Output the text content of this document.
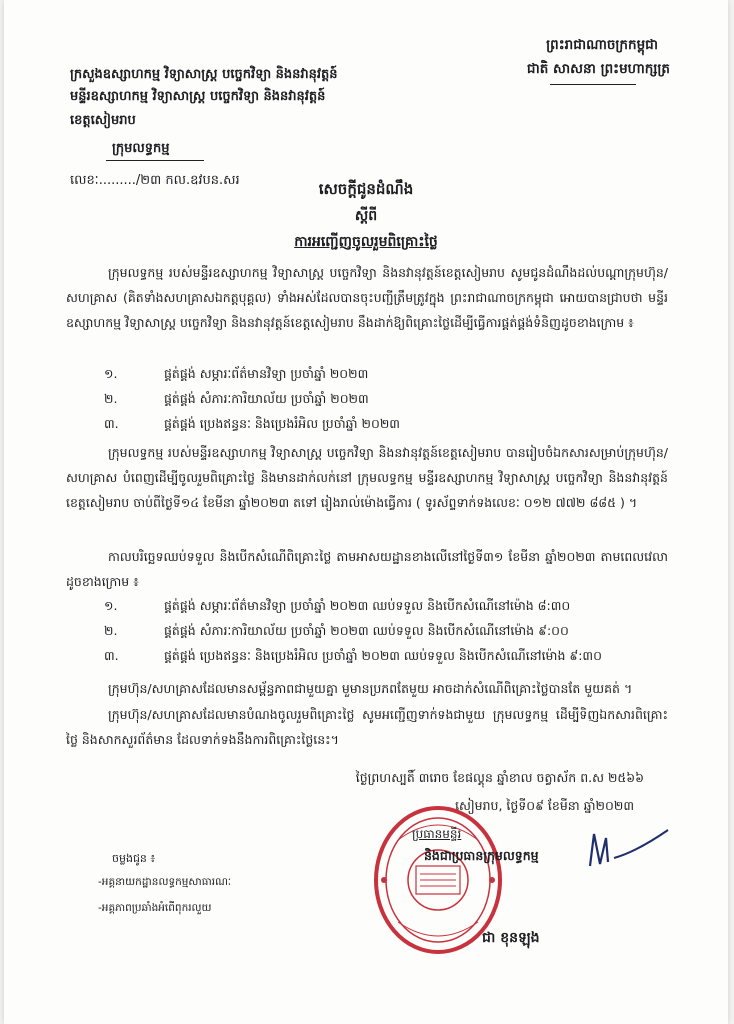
ព្រះរាជាណាចក្រកម្ពុជា
ជាតិ សាសនា ព្រះមហាក្សត្រ
ក្រសួងឧស្សាហកម្ម វិទ្យាសាស្ត្រ បច្ចេកវិទ្យា និងនវានុវត្តន៍
មន្ទីរឧស្សាហកម្ម វិទ្យាសាស្ត្រ បច្ចេកវិទ្យា និងនវានុវត្តន៍
ខេត្តសៀមរាប
ក្រុមលទ្ធកម្ម
លេខៈ........./២៣ កល.ឧវបន.សរ	សេចក្តីជូនដំណឹង
ស្តីពី
ការអញ្ជើញចូលរួមពិគ្រោះថ្លៃ
ក្រុមលទ្ធកម្ម របស់មន្ទីរឧស្សាហកម្ម វិទ្យាសាស្ត្រ បច្ចេកវិទ្យា និងនវានុវត្តន៍ខេត្តសៀមរាប សូមជូនដំណឹងដល់បណ្តាក្រុមហ៊ុន/សហគ្រាស (គិតទាំងសហគ្រាសឯកត្តបុគ្គល) ទាំងអស់ដែលបានចុះបញ្ជីត្រឹមត្រូវក្នុង ព្រះរាជាណាចក្រកម្ពុជា អោយបានជ្រាបថា មន្ទីរឧស្សាហកម្ម វិទ្យាសាស្ត្រ បច្ចេកវិទ្យា និងនវានុវត្តន៍ខេត្តសៀមរាប នឹងដាក់ឱ្យពិគ្រោះថ្លៃដើម្បីធ្វើការផ្គត់ផ្គង់ទំនិញដូចខាងក្រោម ៖
១.	ផ្គត់ផ្គង់ សម្ភារៈព័ត៌មានវិទ្យា ប្រចាំឆ្នាំ ២០២៣
២.	ផ្គត់ផ្គង់ សំភារៈការិយាល័យ ប្រចាំឆ្នាំ ២០២៣
៣.	ផ្គត់ផ្គង់ ប្រេងឥន្ធនៈ និងប្រេងរំអិល ប្រចាំឆ្នាំ ២០២៣
ក្រុមលទ្ធកម្ម របស់មន្ទីរឧស្សាហកម្ម វិទ្យាសាស្ត្រ បច្ចេកវិទ្យា និងនវានុវត្តន៍ខេត្តសៀមរាប បានរៀបចំឯកសារសម្រាប់ក្រុមហ៊ុន/សហគ្រាស បំពេញដើម្បីចូលរួមពិគ្រោះថ្លៃ និងមានដាក់លក់នៅ ក្រុមលទ្ធកម្ម មន្ទីរឧស្សាហកម្ម វិទ្យាសាស្ត្រ បច្ចេកវិទ្យា និងនវានុវត្តន៍ ខេត្តសៀមរាប ចាប់ពីថ្ងៃទី១៤ ខែមីនា ឆ្នាំ២០២៣ តទៅ រៀងរាល់ម៉ោងធ្វើការ ( ទូរស័ព្ទទាក់ទងលេខៈ ០១២ ៧៧២ ៨៨៥ ) ។
កាលបរិច្ឆេទឈប់ទទួល និងបើកសំណើពិគ្រោះថ្លៃ តាមអាសយដ្ឋានខាងលើនៅថ្ងៃទី៣១ ខែមីនា ឆ្នាំ២០២៣ តាមពេលវេលាដូចខាងក្រោម ៖
១.	ផ្គត់ផ្គង់ សម្ភារៈព័ត៌មានវិទ្យា ប្រចាំឆ្នាំ ២០២៣ ឈប់ទទួល និងបើកសំណើនៅម៉ោង ៨:៣០
២.	ផ្គត់ផ្គង់ សំភារៈការិយាល័យ ប្រចាំឆ្នាំ ២០២៣ ឈប់ទទួល និងបើកសំណើនៅម៉ោង ៩:០០
៣.	ផ្គត់ផ្គង់ ប្រេងឥន្ធនៈ និងប្រេងរំអិល ប្រចាំឆ្នាំ ២០២៣ ឈប់ទទួល និងបើកសំណើនៅម៉ោង ៩:៣០
ក្រុមហ៊ុន/សហគ្រាសដែលមានសម្ព័ន្ធភាពជាមួយគ្នា មួមានប្រភពតែមួយ អាចដាក់សំណើពិគ្រោះថ្លៃបានតែ មួយគត់ ។
ក្រុមហ៊ុន/សហគ្រាសដែលមានបំណងចូលរួមពិគ្រោះថ្លៃ សូមអញ្ជើញទាក់ទងជាមួយ ក្រុមលទ្ធកម្ម ដើម្បីទិញឯកសារពិគ្រោះថ្លៃ និងសាកសួរព័ត៌មាន ដែលទាក់ទងនឹងការពិគ្រោះថ្លៃនេះ។
ថ្ងៃព្រហស្បតិ៍ ៣រោច ខែផល្គុន ឆ្នាំខាល ចត្វាស័ក ព.ស ២៥៦៦
សៀមរាប, ថ្ងៃទី០៩ ខែមីនា ឆ្នាំ២០២៣
ប្រធានមន្ទីរ
និងជាប្រធានក្រុមលទ្ធកម្ម
ជា ខុនឡុង
ចម្លងជូន ៖
-អគ្គនាយកដ្ឋានលទ្ធកម្មសាធារណៈ
-អគ្គភាពប្រឆាំងអំពើពុករលួយ
